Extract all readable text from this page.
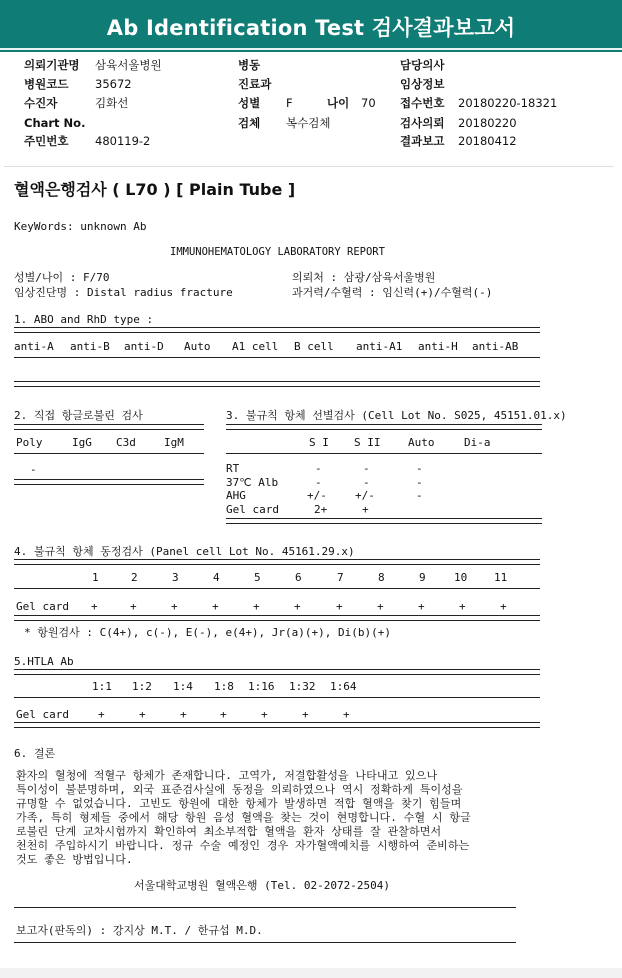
Ab Identification Test 검사결과보고서
의뢰기관명 삼육서울병원
병원코드 35672
수진자	김화선
Chart No.
주민번호 480119-2
병동
진료과
성별 F	나이 70
검체 복수검체
담당의사
임상정보
접수번호 20180220-18321
검사의뢰 20180220
결과보고 20180412
혈액은행검사 ( L70 ) [ Plain Tube ]
KeyWords: unknown Ab
IMMUNOHEMATOLOGY LABORATORY REPORT
성별/나이 : F/70
임상진단명 : Distal radius fracture
의뢰처 : 삼광/삼육서울병원
과거력/수혈력 : 임신력(+)/수혈력(-)
1. ABO and RhD type :
anti-A anti-B anti-D Auto A1 cell B cell anti-A1 anti-H anti-AB
2. 직접 항글로불린 검사
Poly	IgG C3d	IgM
-
3. 불규칙 항체 선별검사 (Cell Lot No. S025, 45151.01.x)
S I S II	Auto	Di-a
RT	-	-	-
37℃ Alb	-	-	-
AHG	+/-	+/-	-
Gel card	2+	+
4. 불규칙 항체 동정검사 (Panel cell Lot No. 45161.29.x)
1	2	3	4	5	6	7	8	9	10 11
Gel card +	+	+	+	+	+	+	+	+	+	+
* 항원검사 : C(4+), c(-), E(-), e(4+), Jr(a)(+), Di(b)(+)
5.HTLA Ab
1:1 1:2 1:4 1:8 1:16 1:32 1:64
Gel card	+	+	+	+	+	+	+
6. 결론
환자의 혈청에 적혈구 항체가 존재합니다. 고역가, 저결합활성을 나타내고 있으나
특이성이 불분명하며, 외국 표준검사실에 동정을 의뢰하였으나 역시 정확하게 특이성을
규명할 수 없었습니다. 고빈도 항원에 대한 항체가 발생하면 적합 혈액을 찾기 힘들며
가족, 특히 형제들 중에서 해당 항원 음성 혈액을 찾는 것이 현명합니다. 수혈 시 항글
로불린 단계 교차시험까지 확인하여 최소부적합 혈액을 환자 상태를 잘 관찰하면서
천천히 주입하시기 바랍니다. 정규 수술 예정인 경우 자가혈액예치를 시행하여 준비하는
것도 좋은 방법입니다.
서울대학교병원 혈액은행 (Tel. 02-2072-2504)
보고자(판독의) : 강지상 M.T. / 한규섭 M.D.
